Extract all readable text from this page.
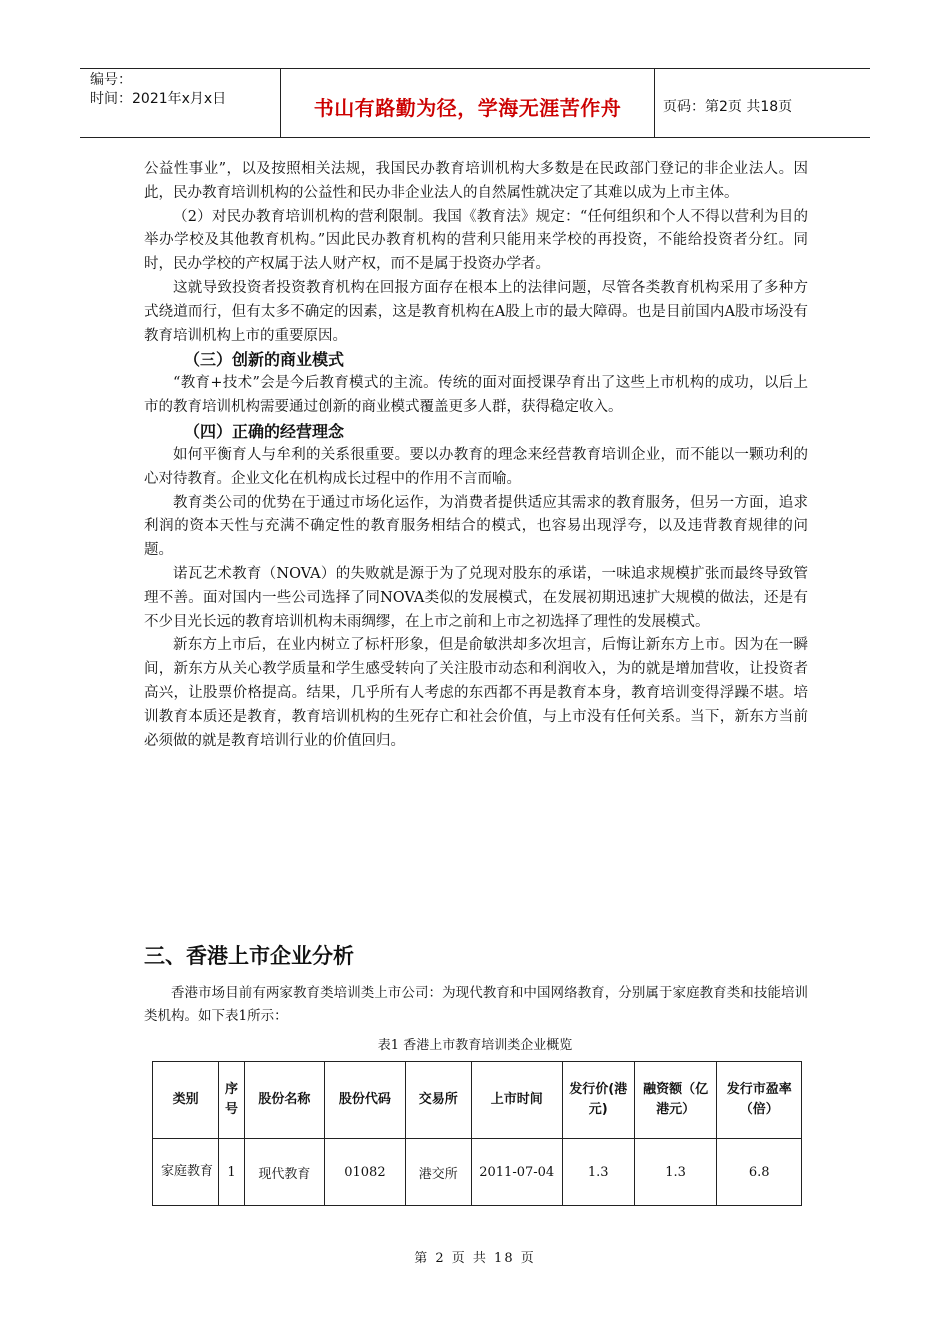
编号：
时间：2021年x月x日	书山有路勤为径，学海无涯苦作舟	页码：第2页 共18页

公益性事业”，以及按照相关法规，我国民办教育培训机构大多数是在民政部门登记的非企业法人。因此，民办教育培训机构的公益性和民办非企业法人的自然属性就决定了其难以成为上市主体。

（2）对民办教育培训机构的营利限制。我国《教育法》规定：“任何组织和个人不得以营利为目的举办学校及其他教育机构。”因此民办教育机构的营利只能用来学校的再投资，不能给投资者分红。同时，民办学校的产权属于法人财产权，而不是属于投资办学者。

这就导致投资者投资教育机构在回报方面存在根本上的法律问题，尽管各类教育机构采用了多种方式绕道而行，但有太多不确定的因素，这是教育机构在A股上市的最大障碍。也是目前国内A股市场没有教育培训机构上市的重要原因。

（三）创新的商业模式

“教育+技术”会是今后教育模式的主流。传统的面对面授课孕育出了这些上市机构的成功，以后上市的教育培训机构需要通过创新的商业模式覆盖更多人群，获得稳定收入。

（四）正确的经营理念

如何平衡育人与牟利的关系很重要。要以办教育的理念来经营教育培训企业，而不能以一颗功利的心对待教育。企业文化在机构成长过程中的作用不言而喻。

教育类公司的优势在于通过市场化运作，为消费者提供适应其需求的教育服务，但另一方面，追求利润的资本天性与充满不确定性的教育服务相结合的模式，也容易出现浮夸，以及违背教育规律的问题。

诺瓦艺术教育（NOVA）的失败就是源于为了兑现对股东的承诺，一味追求规模扩张而最终导致管理不善。面对国内一些公司选择了同NOVA类似的发展模式，在发展初期迅速扩大规模的做法，还是有不少目光长远的教育培训机构未雨绸缪，在上市之前和上市之初选择了理性的发展模式。

新东方上市后，在业内树立了标杆形象，但是俞敏洪却多次坦言，后悔让新东方上市。因为在一瞬间，新东方从关心教学质量和学生感受转向了关注股市动态和利润收入，为的就是增加营收，让投资者高兴，让股票价格提高。结果，几乎所有人考虑的东西都不再是教育本身，教育培训变得浮躁不堪。培训教育本质还是教育，教育培训机构的生死存亡和社会价值，与上市没有任何关系。当下，新东方当前必须做的就是教育培训行业的价值回归。

三、香港上市企业分析

香港市场目前有两家教育类培训类上市公司：为现代教育和中国网络教育，分别属于家庭教育类和技能培训类机构。如下表1所示：

表1 香港上市教育培训类企业概览
类别	序号	股份名称	股份代码	交易所	上市时间	发行价(港元)	融资额（亿港元）	发行市盈率（倍）
家庭教育	1	现代教育	01082	港交所	2011-07-04	1.3	1.3	6.8
第 2 页 共 18 页
